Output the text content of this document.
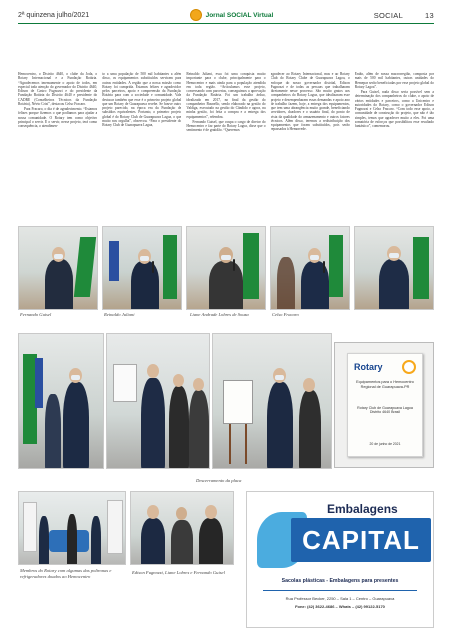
2ª quinzena julho/2021	Jornal SOCIAL Virtual	SOCIAL	13

Hemocentro, o Distrito 4640, o clube da Joda, o Rotary Internacional e a Fundação Rotária. “Agradecemos imensamente o apoio de todos, em especial toda atenção do governador do Distrito 4640, Edison de Castro Fugnozzi e do presidente da Fundação Rotária do Distrito 4640 e presidente do CADRE (Conselheiros Técnicos da Fundação Rotária), Névio Crisi”, destacou Celso Fracaro.

Para Fracaro, o dia é de agradecimento. “Estamos felizes porque fizemos o que podíamos para ajudar a nossa comunidade. O Rotary tem como objetivo principal o servir. E o servir, nesse projeto, terá como consequência, o atendimen-

to a uma população de 500 mil habitantes a além disso, os equipamentos substituídos serviram para outras entidades. A região que a nossa missão como Rotary foi cumprida. Estamos felizes e agradecidos pelos parceiros, apoio e compreensão da Fundação Rotária para com a sociedade e comunidade. Vale destacar também que esse é o primeiro projeto global que um Rotary de Guarapuava recebe. Se houve outro projeto parecido, na época era da Fundação de subsídios equivalentes. Portanto, o primeiro projeto global é do Rotary Club de Guarapuava Lagoa, o que muito nos orgulha”, observou. “Para o presidente do Rotary Club de Guarapuava Lagoa,

Reinaldo Juliani, essa foi uma conquista muito importante para o clube, principalmente para o Hemocentro e mais ainda para a população atendida em toda região. “Articulamos esse projeto, conversando com parcerias, conseguimos a aprovação da Fundação Rotária. Foi um trabalho árduo, idealizado em 2017, no final da gestão do companheiro Busnello, sendo elaborado na gestão do Valdiga, executado na gestão do Cândido e agora, na minha gestão, foi feita a compra e a entrega dos equipamentos”, relembra.

Fernando Guisel, que ocupa o cargo de diretor do Hemocentro e faz parte do Rotary Lagoa, disse que o sentimento é de gratidão. “Queremos

agradecer ao Rotary Internacional, mas e ao Rotary Club do Rotary Clube de Guarapuava Lagoa, o enfoque do nosso governador distrital, Edison Fugnozzi e de todas as pessoas que trabalharam diretamente nesse processo. São muito gratos aos companheiros do Rotary Lagoa, que idealizaram esse projeto e desempenharam essas demandas e apoio ano de trabalho fazem, hoje, a entrega dos equipamentos, que tem uma abrangência muito grande, beneficiando servidores, doadores e o usuário final, do ponto de vista da qualidade do armazenamento e outros fatores técnicos. Além disso, teremos a redistribuição dos equipamentos que foram substituídos, pois serão repassados à Hemorrede.

Então, além de nossa macrorregião, composta por mais de 500 mil habitantes, outras unidades do Hemepar serão beneficiadas por esse projeto global do Rotary Lagoa”.

Para Guisel, nada disso seria possível sem a determinação dos companheiros do clube, o apoio de vários entidades e parceiros, como a Unicentro e autoridades do Rotary, como o governador Edison Fugnozzi e Celso Fracaro. “Com todo esse apoio, a comunidade de construção do projeto, que não é tão simples, temos que agradecer muito a eles. Foi uma somatória de esforços que possibilitou esse resultado fantástico”, comemorou.

Fernando Guisel	Reinaldo Juliani	Liane Andrade Lobres de Souza	Celso Fracaro
Rotary
Equipamentos para o Hemocentro Regional de Guarapuava-PR
Rotary Club de Guarapuava Lagoa Distrito 4640 Brasil
20 de junho de 2021
Descerramento da placa
Membros do Rotary com algumas das poltronas e refrigeradores doados ao Hemocentro
Edison Fugnozzi, Liane Lobres e Fernando Guisel
Embalagens
CAPITAL
Sacolas plásticas - Embalagens para presentes
Rua Professor Becker, 2250 – Sala 1 – Centro – Guarapuava
Fone: (42) 3622-4686 – Whats – (42) 99122-5170
